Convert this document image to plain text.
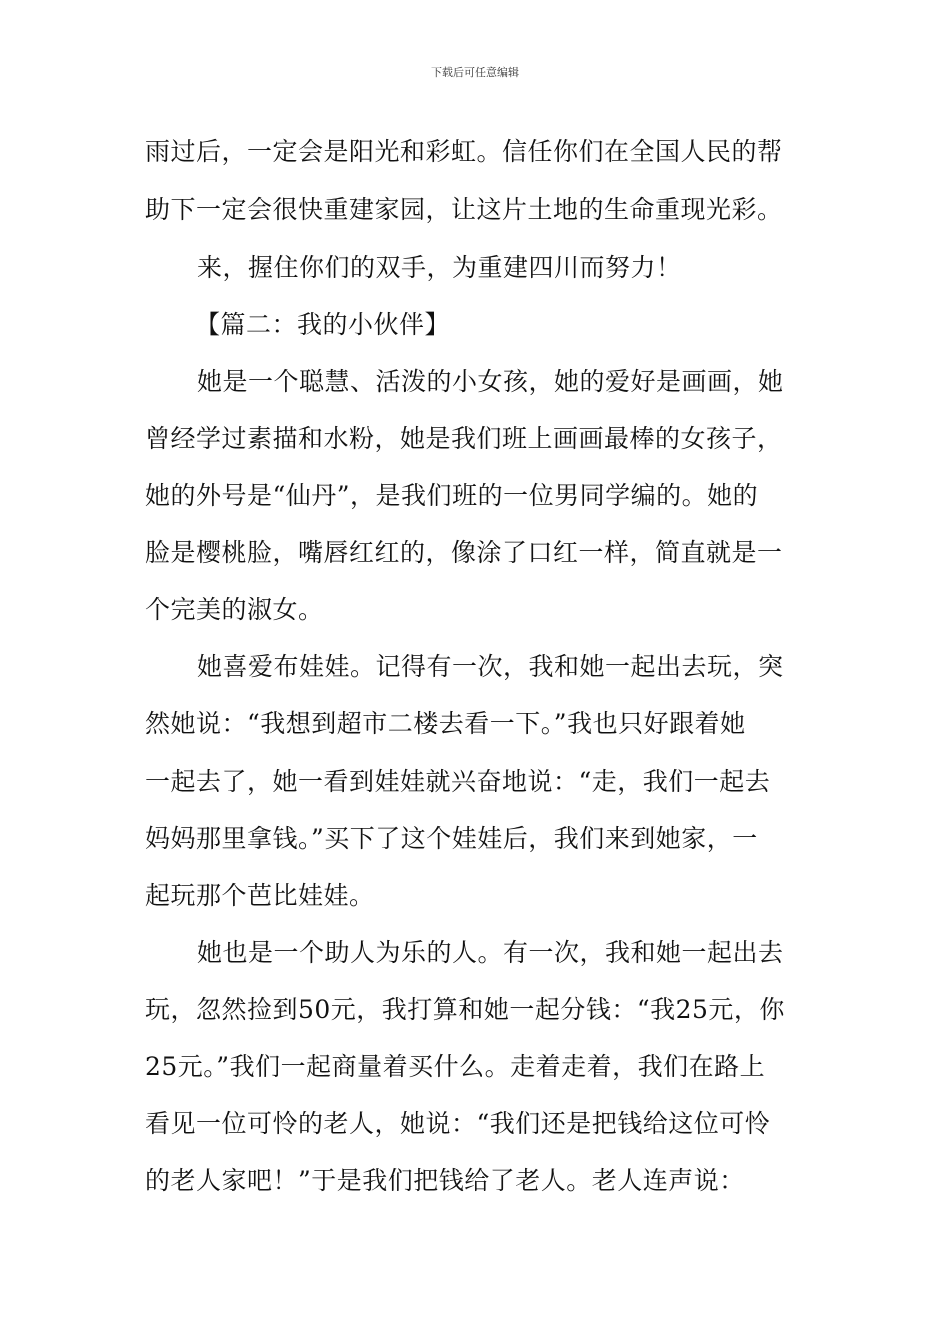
下载后可任意编辑
雨过后，一定会是阳光和彩虹。信任你们在全国人民的帮
助下一定会很快重建家园，让这片土地的生命重现光彩。
来，握住你们的双手，为重建四川而努力！
【篇二：我的小伙伴】
她是一个聪慧、活泼的小女孩，她的爱好是画画，她
曾经学过素描和水粉，她是我们班上画画最棒的女孩子，
她的外号是“仙丹”，是我们班的一位男同学编的。她的
脸是樱桃脸，嘴唇红红的，像涂了口红一样，简直就是一
个完美的淑女。
她喜爱布娃娃。记得有一次，我和她一起出去玩，突
然她说：“我想到超市二楼去看一下。”我也只好跟着她
一起去了，她一看到娃娃就兴奋地说：“走，我们一起去
妈妈那里拿钱。”买下了这个娃娃后，我们来到她家，一
起玩那个芭比娃娃。
她也是一个助人为乐的人。有一次，我和她一起出去
玩，忽然捡到50元，我打算和她一起分钱：“我25元，你
25元。”我们一起商量着买什么。走着走着，我们在路上
看见一位可怜的老人，她说：“我们还是把钱给这位可怜
的老人家吧！”于是我们把钱给了老人。老人连声说：
